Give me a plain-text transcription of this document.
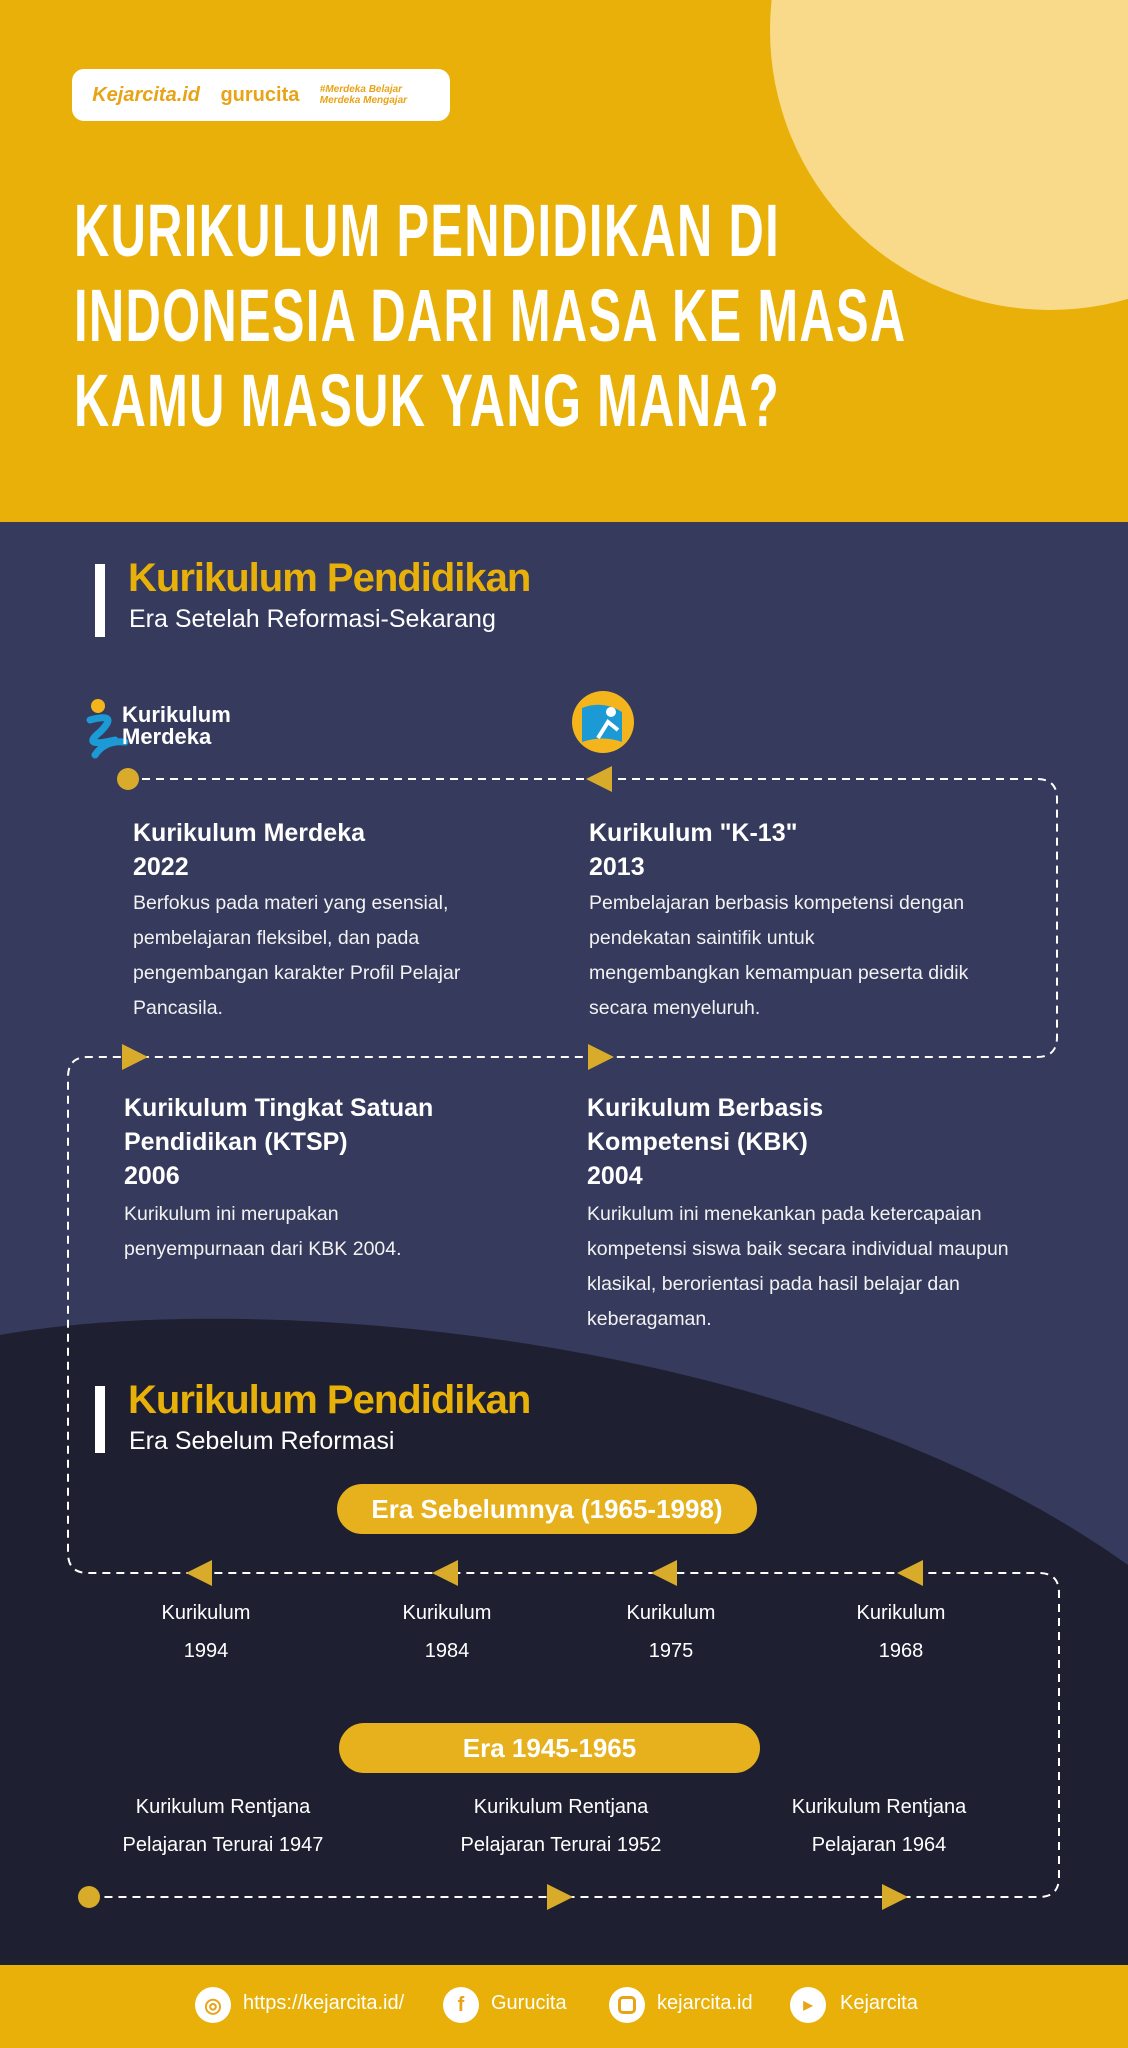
Kejarcita.id gurucita #Merdeka Belajar Merdeka Mengajar
KURIKULUM PENDIDIKAN DI
INDONESIA DARI MASA KE MASA
KAMU MASUK YANG MANA?
Kurikulum
Merdeka
Kurikulum Pendidikan
Era Setelah Reformasi-Sekarang
Kurikulum Merdeka
2022
Berfokus pada materi yang esensial, pembelajaran fleksibel, dan pada pengembangan karakter Profil Pelajar Pancasila.
Kurikulum "K-13"
2013
Pembelajaran berbasis kompetensi dengan pendekatan saintifik untuk mengembangkan kemampuan peserta didik secara menyeluruh.
Kurikulum Tingkat Satuan Pendidikan (KTSP)
2006
Kurikulum ini merupakan penyempurnaan dari KBK 2004.
Kurikulum Berbasis Kompetensi (KBK)
2004
Kurikulum ini menekankan pada ketercapaian kompetensi siswa baik secara individual maupun klasikal, berorientasi pada hasil belajar dan keberagaman.
Kurikulum Pendidikan
Era Sebelum Reformasi
Era Sebelumnya (1965-1998)
Kurikulum
1994
Kurikulum
1984
Kurikulum
1975
Kurikulum
1968
Era 1945-1965
Kurikulum Rentjana
Pelajaran Terurai 1947
Kurikulum Rentjana
Pelajaran Terurai 1952
Kurikulum Rentjana
Pelajaran 1964
◎	https://kejarcita.id/	f	Gurucita	kejarcita.id	▶	Kejarcita
